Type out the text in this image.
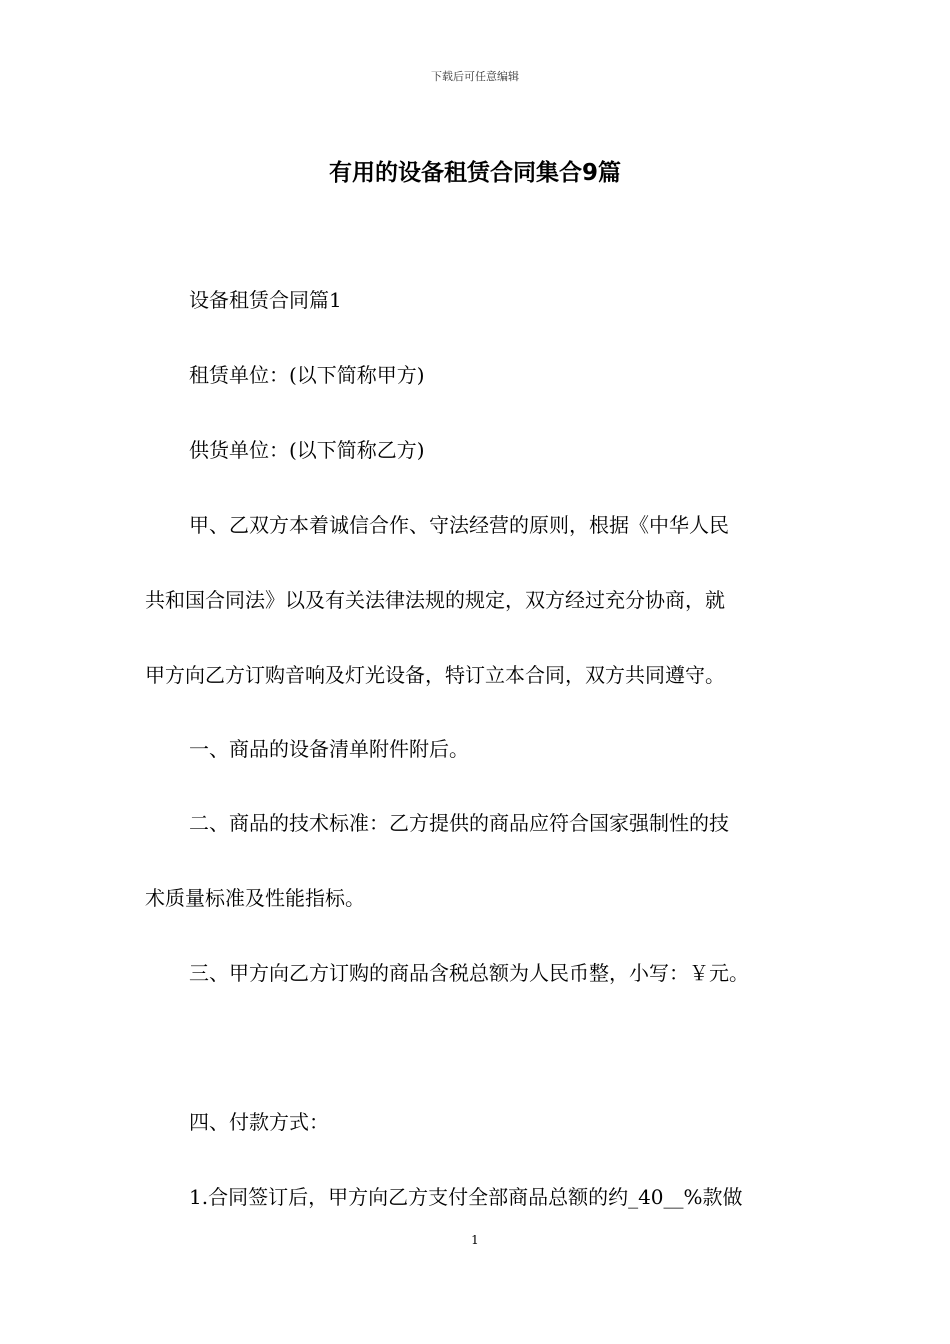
下载后可任意编辑
有用的设备租赁合同集合9篇
设备租赁合同篇1
租赁单位：(以下简称甲方)
供货单位：(以下简称乙方)
甲、乙双方本着诚信合作、守法经营的原则，根据《中华人民
共和国合同法》以及有关法律法规的规定，双方经过充分协商，就
甲方向乙方订购音响及灯光设备，特订立本合同，双方共同遵守。
一、商品的设备清单附件附后。
二、商品的技术标准：乙方提供的商品应符合国家强制性的技
术质量标准及性能指标。
三、甲方向乙方订购的商品含税总额为人民币整，小写：￥元。
四、付款方式：
1.合同签订后，甲方向乙方支付全部商品总额的约_40__%款做
1
